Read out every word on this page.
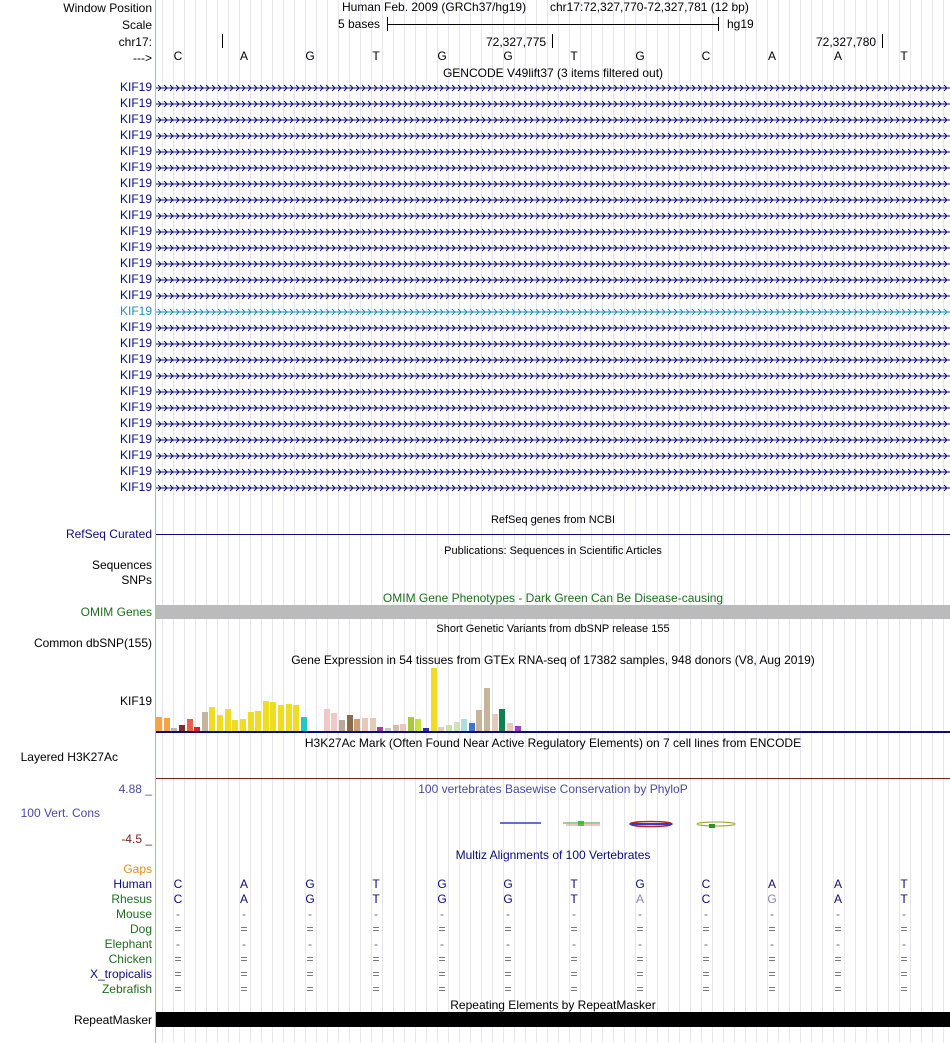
Window Position
Scale
chr17:
--->
KIF19
KIF19
KIF19
KIF19
KIF19
KIF19
KIF19
KIF19
KIF19
KIF19
KIF19
KIF19
KIF19
KIF19
KIF19
KIF19
KIF19
KIF19
KIF19
KIF19
KIF19
KIF19
KIF19
KIF19
KIF19
KIF19
RefSeq Curated
Sequences
SNPs
OMIM Genes
Common dbSNP(155)
KIF19
Layered H3K27Ac
4.88 _
100 Vert. Cons
-4.5 _
Gaps
Human
Rhesus
Mouse
Dog
Elephant
Chicken
X_tropicalis
Zebrafish
RepeatMasker
Human Feb. 2009 (GRCh37/hg19) chr17:72,327,770-72,327,781 (12 bp)
5 bases	hg19
72,327,775	72,327,780
C	A	G	T	G	G	T	G	C	A	A	T
GENCODE V49lift37 (3 items filtered out)
RefSeq genes from NCBI
Publications: Sequences in Scientific Articles
OMIM Gene Phenotypes - Dark Green Can Be Disease-causing
Short Genetic Variants from dbSNP release 155
Gene Expression in 54 tissues from GTEx RNA-seq of 17382 samples, 948 donors (V8, Aug 2019)
H3K27Ac Mark (Often Found Near Active Regulatory Elements) on 7 cell lines from ENCODE
100 vertebrates Basewise Conservation by PhyloP
Multiz Alignments of 100 Vertebrates
C	A	G	T	G	G	T	G	C	A	A	T
C	A	G	T	G	G	T	A	C	G	A	T
-	-	-	-	-	-	-	-	-	-	-	-
=	=	=	=	=	=	=	=	=	=	=	=
-	-	-	-	-	-	-	-	-	-	-	-
=	=	=	=	=	=	=	=	=	=	=	=
=	=	=	=	=	=	=	=	=	=	=	=
=	=	=	=	=	=	=	=	=	=	=	=
Repeating Elements by RepeatMasker
